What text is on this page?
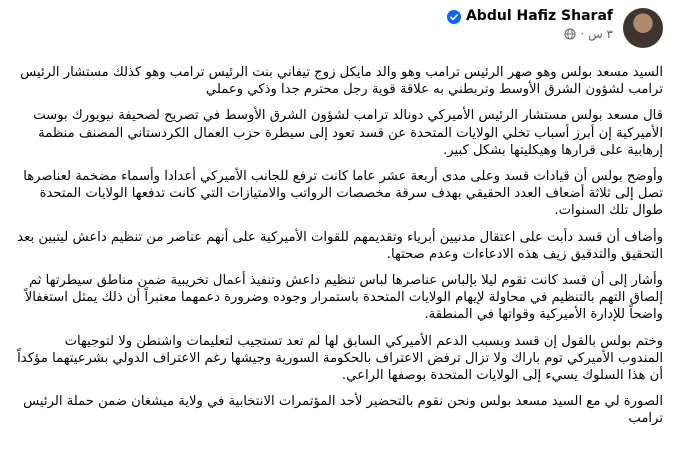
Abdul Hafiz Sharaf
٣ س
·

السيد مسعد بولس وهو صهر الرئيس ترامب وهو والد مايكل زوج تيفاني بنت الرئيس ترامب وهو كذلك مستشار الرئيس ترامب لشؤون الشرق الأوسط وتربطني به علاقة قوية رجل محترم جدا وذكي وعملي

قال مسعد بولس مستشار الرئيس الأميركي دونالد ترامب لشؤون الشرق الأوسط في تصريح لصحيفة نيويورك بوست الأميركية إن أبرز أسباب تخلي الولايات المتحدة عن قسد تعود إلى سيطرة حزب العمال الكردستاني المصنف منظمة إرهابية على قرارها وهيكليتها بشكل كبير.

وأوضح بولس أن قيادات قسد وعلى مدى أربعة عشر عاما كانت ترفع للجانب الأميركي أعدادا وأسماء مضخمة لعناصرها تصل إلى ثلاثة أضعاف العدد الحقيقي بهدف سرقة مخصصات الرواتب والامتيازات التي كانت تدفعها الولايات المتحدة طوال تلك السنوات.

وأضاف أن قسد دأبت على اعتقال مدنيين أبرياء وتقديمهم للقوات الأميركية على أنهم عناصر من تنظيم داعش ليتبين بعد التحقيق والتدقيق زيف هذه الادعاءات وعدم صحتها.

وأشار إلى أن قسد كانت تقوم ليلا بإلباس عناصرها لباس تنظيم داعش وتنفيذ أعمال تخريبية ضمن مناطق سيطرتها ثم إلصاق التهم بالتنظيم في محاولة لإيهام الولايات المتحدة باستمرار وجوده وضرورة دعمهما معتبراً أن ذلك يمثل استغفالاً واضحاً للإدارة الأميركية وقواتها في المنطقة.

وختم بولس بالقول إن قسد وبسبب الدعم الأميركي السابق لها لم تعد تستجيب لتعليمات واشنطن ولا لتوجيهات المندوب الأميركي توم باراك ولا تزال ترفض الاعتراف بالحكومة السورية وجيشها رغم الاعتراف الدولي بشرعيتهما مؤكداً أن هذا السلوك يسيء إلى الولايات المتحدة بوصفها الراعي.

الصورة لي مع السيد مسعد بولس ونحن نقوم بالتحضير لأحد المؤتمرات الانتخابية في ولاية ميشغان ضمن حملة الرئيس ترامب
